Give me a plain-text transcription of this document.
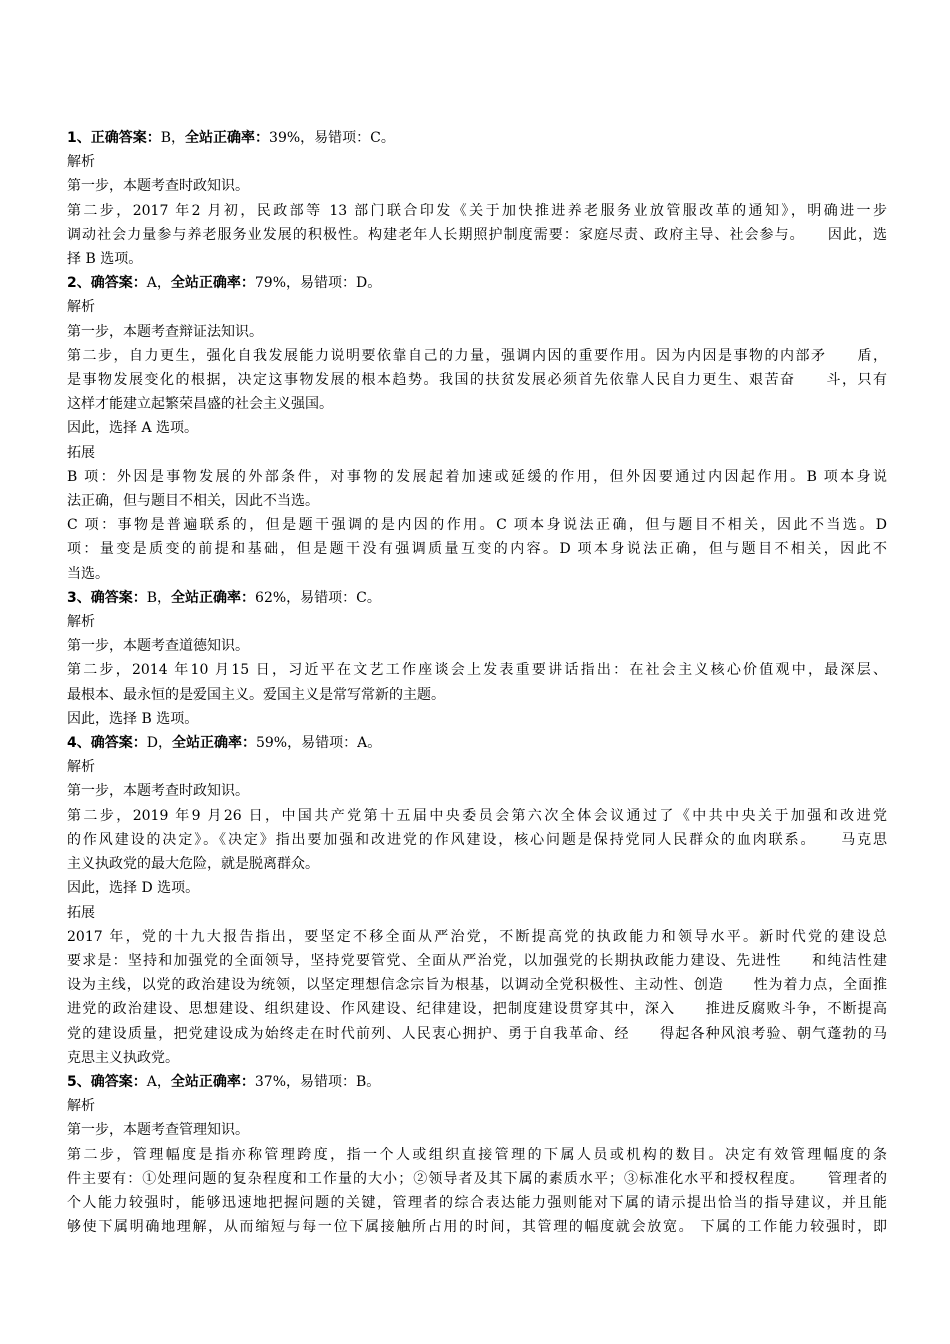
1、正确答案：B，全站正确率：39%，易错项：C。

解析

第一步，本题考查时政知识。

第二步，2017 年2 月初，民政部等 13 部门联合印发《关于加快推进养老服务业放管服改革的通知》，明确进一步

调动社会力量参与养老服务业发展的积极性。构建老年人长期照护制度需要：家庭尽责、政府主导、社会参与。　　因此，选

择 B 选项。

2、确答案：A，全站正确率：79%，易错项：D。

解析

第一步，本题考查辩证法知识。

第二步，自力更生，强化自我发展能力说明要依靠自己的力量，强调内因的重要作用。因为内因是事物的内部矛　　盾，

是事物发展变化的根据，决定这事物发展的根本趋势。我国的扶贫发展必须首先依靠人民自力更生、艰苦奋　　斗，只有

这样才能建立起繁荣昌盛的社会主义强国。

因此，选择 A 选项。

拓展

B 项：外因是事物发展的外部条件，对事物的发展起着加速或延缓的作用，但外因要通过内因起作用。B 项本身说

法正确，但与题目不相关，因此不当选。

C 项：事物是普遍联系的，但是题干强调的是内因的作用。C 项本身说法正确，但与题目不相关，因此不当选。D

项：量变是质变的前提和基础，但是题干没有强调质量互变的内容。D 项本身说法正确，但与题目不相关，因此不

当选。

3、确答案：B，全站正确率：62%，易错项：C。

解析

第一步，本题考查道德知识。

第二步，2014 年10 月15 日，习近平在文艺工作座谈会上发表重要讲话指出：在社会主义核心价值观中，最深层、

最根本、最永恒的是爱国主义。爱国主义是常写常新的主题。

因此，选择 B 选项。

4、确答案：D，全站正确率：59%，易错项：A。

解析

第一步，本题考查时政知识。

第二步，2019 年9 月26 日，中国共产党第十五届中央委员会第六次全体会议通过了《中共中央关于加强和改进党

的作风建设的决定》。《决定》指出要加强和改进党的作风建设，核心问题是保持党同人民群众的血肉联系。　　马克思

主义执政党的最大危险，就是脱离群众。

因此，选择 D 选项。

拓展

2017 年，党的十九大报告指出，要坚定不移全面从严治党，不断提高党的执政能力和领导水平。新时代党的建设总

要求是：坚持和加强党的全面领导，坚持党要管党、全面从严治党，以加强党的长期执政能力建设、先进性　　和纯洁性建

设为主线，以党的政治建设为统领，以坚定理想信念宗旨为根基，以调动全党积极性、主动性、创造　　性为着力点，全面推

进党的政治建设、思想建设、组织建设、作风建设、纪律建设，把制度建设贯穿其中，深入　　推进反腐败斗争，不断提高

党的建设质量，把党建设成为始终走在时代前列、人民衷心拥护、勇于自我革命、经　　得起各种风浪考验、朝气蓬勃的马

克思主义执政党。

5、确答案：A，全站正确率：37%，易错项：B。

解析

第一步，本题考查管理知识。

第二步，管理幅度是指亦称管理跨度，指一个人或组织直接管理的下属人员或机构的数目。决定有效管理幅度的条

件主要有：①处理问题的复杂程度和工作量的大小；②领导者及其下属的素质水平；③标准化水平和授权程度。　　管理者的

个人能力较强时，能够迅速地把握问题的关键，管理者的综合表达能力强则能对下属的请示提出恰当的指导建议，并且能

够使下属明确地理解，从而缩短与每一位下属接触所占用的时间，其管理的幅度就会放宽。 下属的工作能力较强时，即
